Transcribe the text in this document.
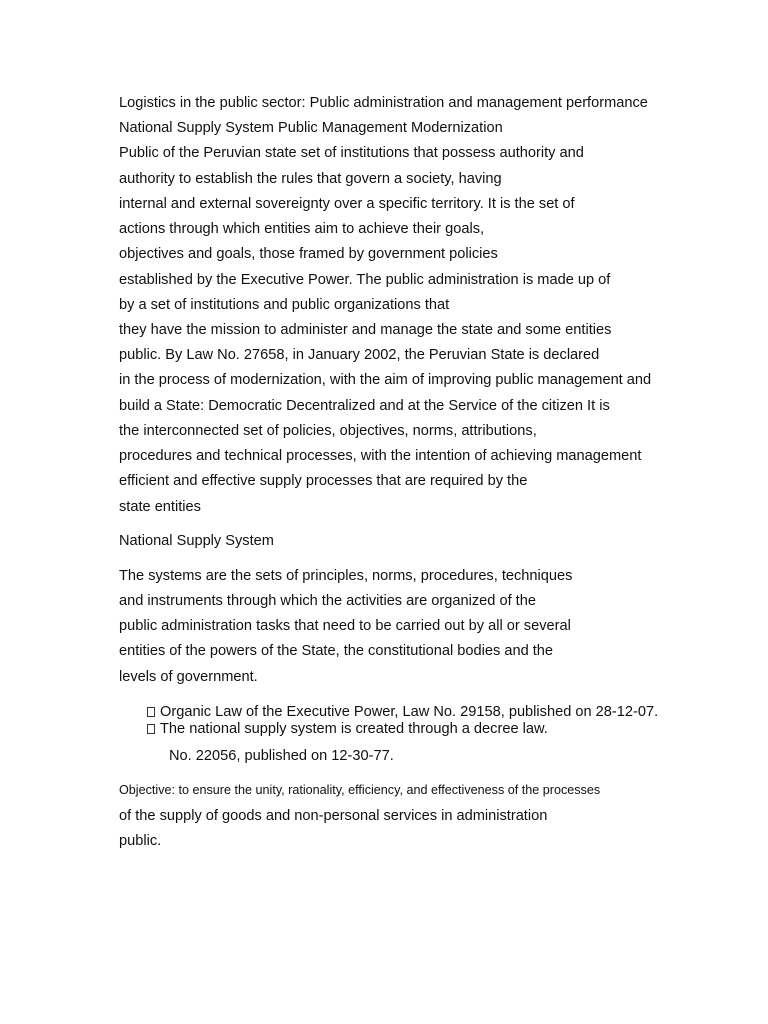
Logistics in the public sector: Public administration and management performance
National Supply System Public Management Modernization
Public of the Peruvian state set of institutions that possess authority and
authority to establish the rules that govern a society, having
internal and external sovereignty over a specific territory. It is the set of
actions through which entities aim to achieve their goals,
objectives and goals, those framed by government policies
established by the Executive Power. The public administration is made up of
by a set of institutions and public organizations that
they have the mission to administer and manage the state and some entities
public. By Law No. 27658, in January 2002, the Peruvian State is declared
in the process of modernization, with the aim of improving public management and
build a State: Democratic Decentralized and at the Service of the citizen It is
the interconnected set of policies, objectives, norms, attributions,
procedures and technical processes, with the intention of achieving management
efficient and effective supply processes that are required by the
state entities
National Supply System
The systems are the sets of principles, norms, procedures, techniques
and instruments through which the activities are organized of the
public administration tasks that need to be carried out by all or several
entities of the powers of the State, the constitutional bodies and the
levels of government.
Organic Law of the Executive Power, Law No. 29158, published on 28-12-07.
The national supply system is created through a decree law.
No. 22056, published on 12-30-77.
Objective: to ensure the unity, rationality, efficiency, and effectiveness of the processes
of the supply of goods and non-personal services in administration
public.
